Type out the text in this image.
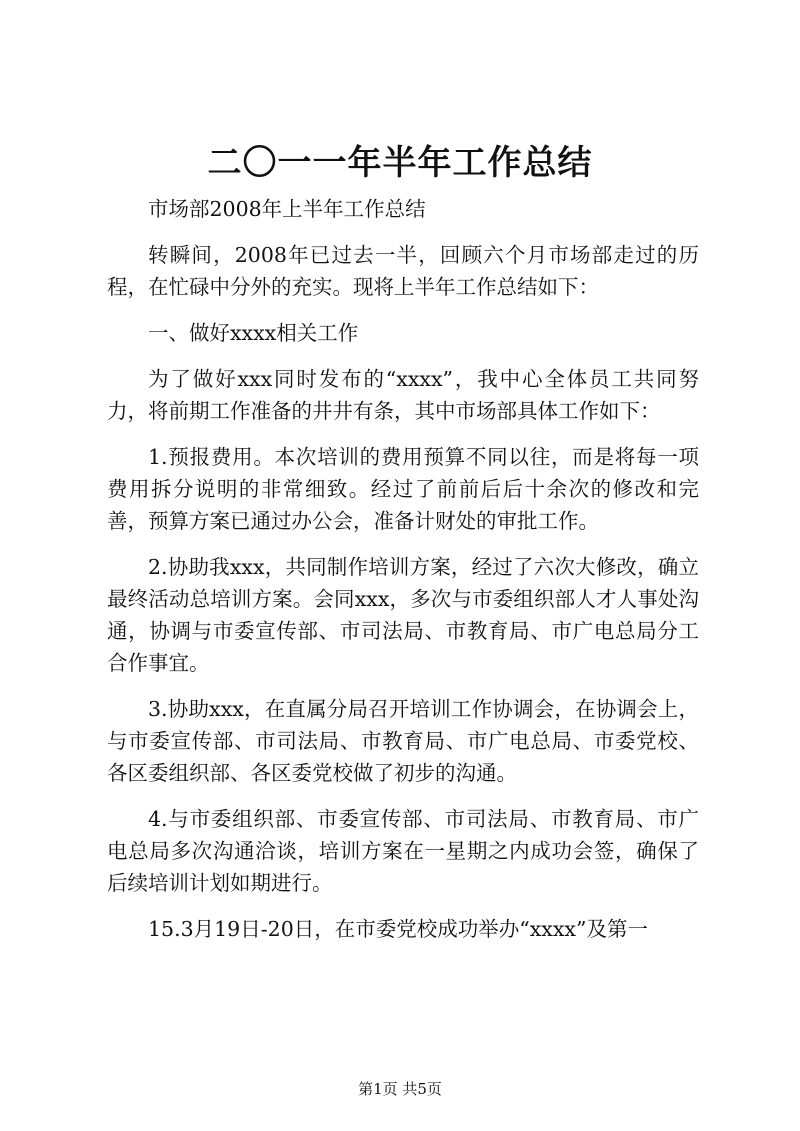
二〇一一年半年工作总结

市场部2008年上半年工作总结

转瞬间，2008年已过去一半，回顾六个月市场部走过的历程，在忙碌中分外的充实。现将上半年工作总结如下：

一、做好xxxx相关工作

为了做好xxx同时发布的“xxxx”，我中心全体员工共同努力，将前期工作准备的井井有条，其中市场部具体工作如下：

1.预报费用。本次培训的费用预算不同以往，而是将每一项费用拆分说明的非常细致。经过了前前后后十余次的修改和完善，预算方案已通过办公会，准备计财处的审批工作。

2.协助我xxx，共同制作培训方案，经过了六次大修改，确立最终活动总培训方案。会同xxx，多次与市委组织部人才人事处沟通，协调与市委宣传部、市司法局、市教育局、市广电总局分工合作事宜。

3.协助xxx，在直属分局召开培训工作协调会，在协调会上，与市委宣传部、市司法局、市教育局、市广电总局、市委党校、各区委组织部、各区委党校做了初步的沟通。

4.与市委组织部、市委宣传部、市司法局、市教育局、市广电总局多次沟通洽谈，培训方案在一星期之内成功会签，确保了后续培训计划如期进行。

15.3月19日-20日，在市委党校成功举办“xxxx”及第一

第1页 共5页
